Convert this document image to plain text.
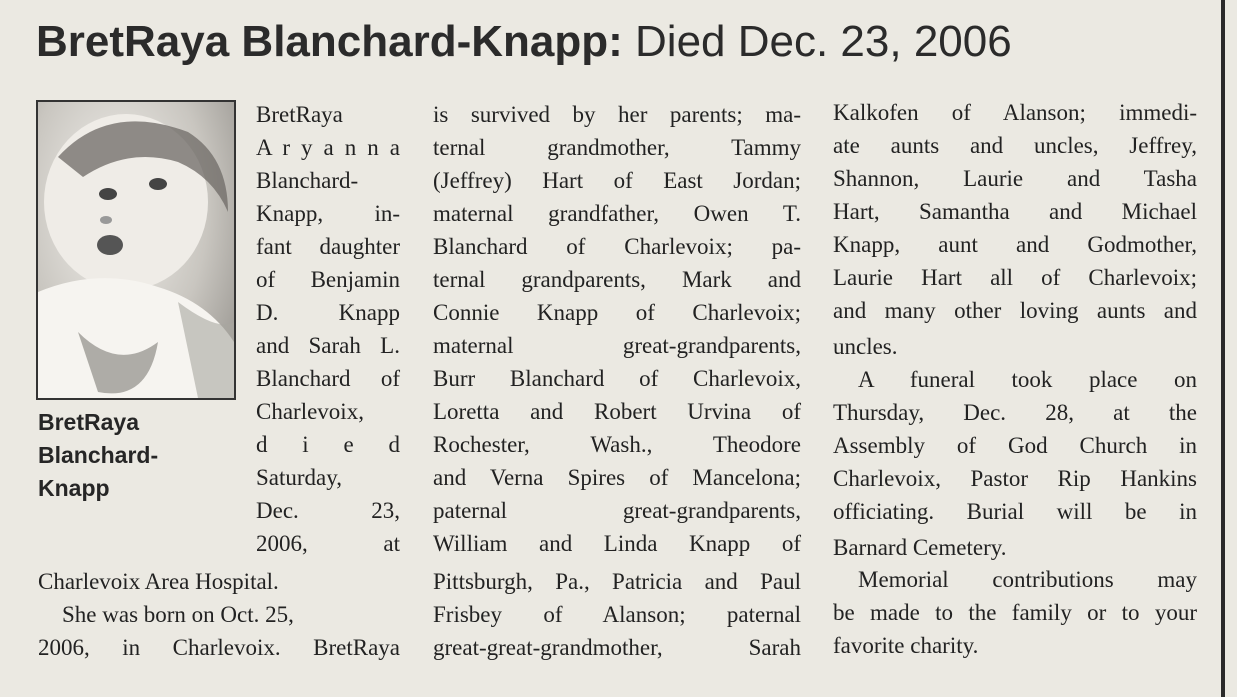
BretRaya Blanchard-Knapp: Died Dec. 23, 2006
BretRaya
Blanchard-
Knapp
BretRaya
A r y a n n a
Blanchard-
Knapp, in-
fant daughter
of Benjamin
D. Knapp
and Sarah L.
Blanchard of
Charlevoix,
d i e d
Saturday,
Dec. 23,
2006, at
Charlevoix Area Hospital.
She was born on Oct. 25,
2006, in Charlevoix. BretRaya
is survived by her parents; ma-
ternal grandmother, Tammy
(Jeffrey) Hart of East Jordan;
maternal grandfather, Owen T.
Blanchard of Charlevoix; pa-
ternal grandparents, Mark and
Connie Knapp of Charlevoix;
maternal great-grandparents,
Burr Blanchard of Charlevoix,
Loretta and Robert Urvina of
Rochester, Wash., Theodore
and Verna Spires of Mancelona;
paternal great-grandparents,
William and Linda Knapp of
Pittsburgh, Pa., Patricia and Paul
Frisbey of Alanson; paternal
great-great-grandmother, Sarah
Kalkofen of Alanson; immedi-
ate aunts and uncles, Jeffrey,
Shannon, Laurie and Tasha
Hart, Samantha and Michael
Knapp, aunt and Godmother,
Laurie Hart all of Charlevoix;
and many other loving aunts and
uncles.
A funeral took place on
Thursday, Dec. 28, at the
Assembly of God Church in
Charlevoix, Pastor Rip Hankins
officiating. Burial will be in
Barnard Cemetery.
Memorial contributions may
be made to the family or to your
favorite charity.
